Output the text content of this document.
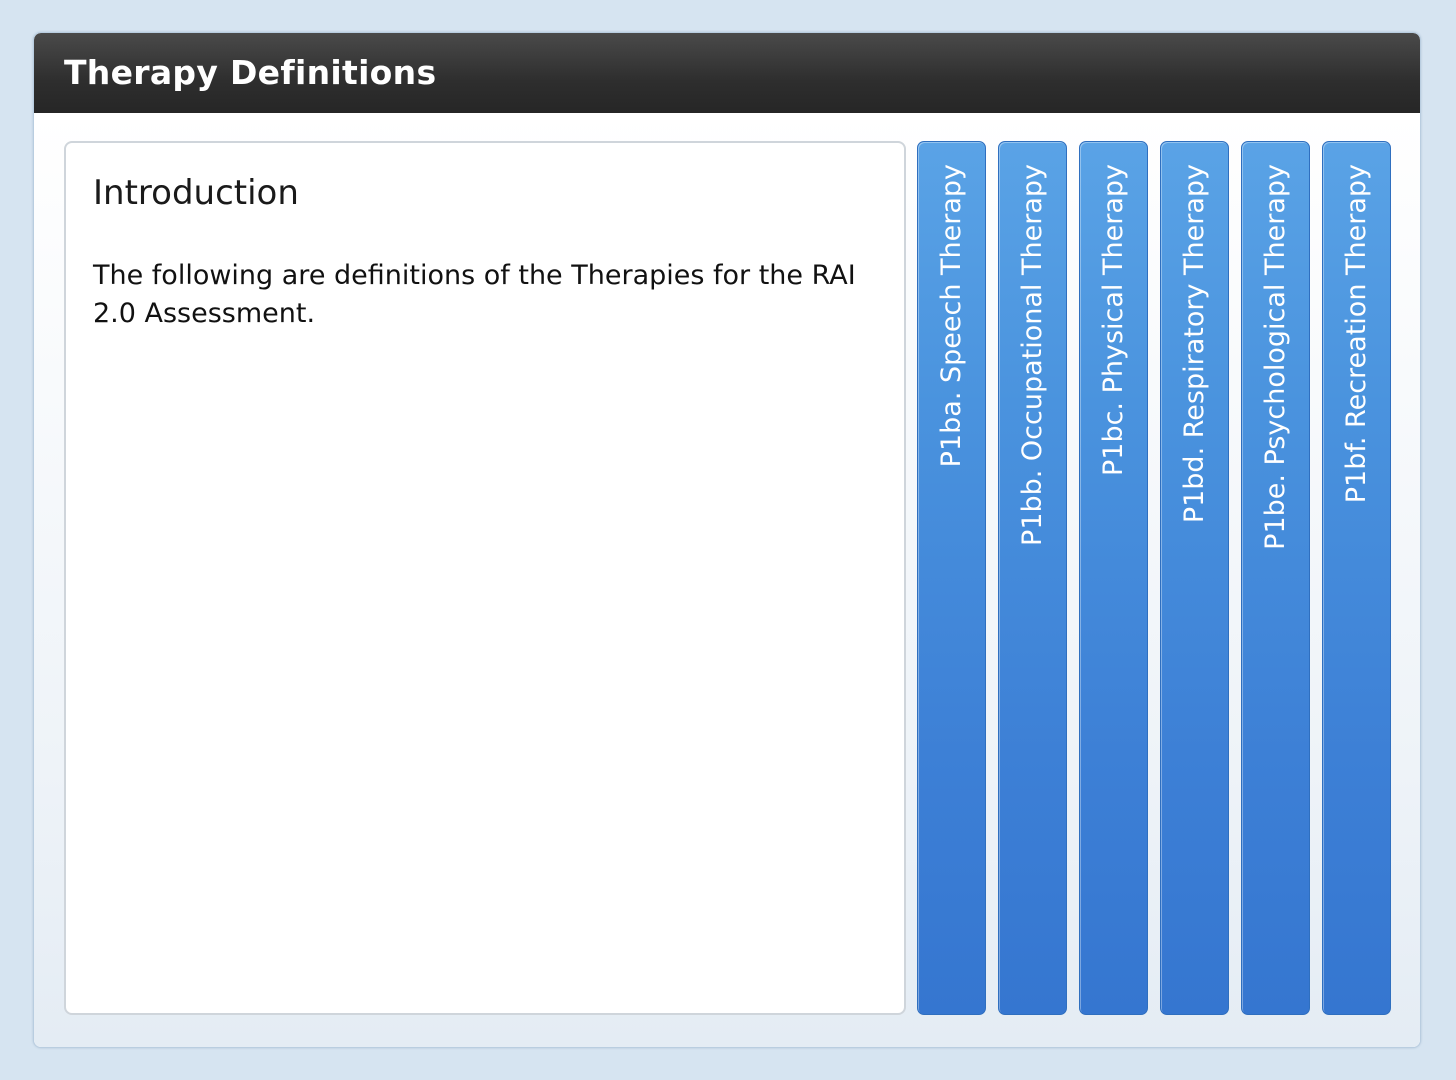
Therapy Definitions
Introduction

The following are definitions of the Therapies for the RAI 2.0 Assessment.	P1ba. Speech Therapy P1bb. Occupational Therapy P1bc. Physical Therapy P1bd. Respiratory Therapy P1be. Psychological Therapy P1bf. Recreation Therapy
